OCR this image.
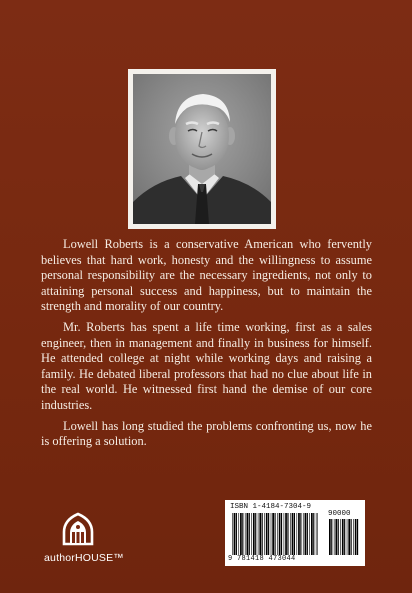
Lowell Roberts is a conservative American who fervently believes that hard work, honesty and the willingness to assume personal responsibility are the necessary ingredients, not only to attaining personal success and happiness, but to maintain the strength and morality of our country.

Mr. Roberts has spent a life time working, first as a sales engineer, then in management and finally in business for himself. He attended college at night while working days and raising a family. He debated liberal professors that had no clue about life in the real world. He witnessed first hand the demise of our core industries.

Lowell has long studied the problems confronting us, now he is offering a solution.

authorHOUSE™
ISBN 1-4184-7304-9
90000
9 781418 473044
